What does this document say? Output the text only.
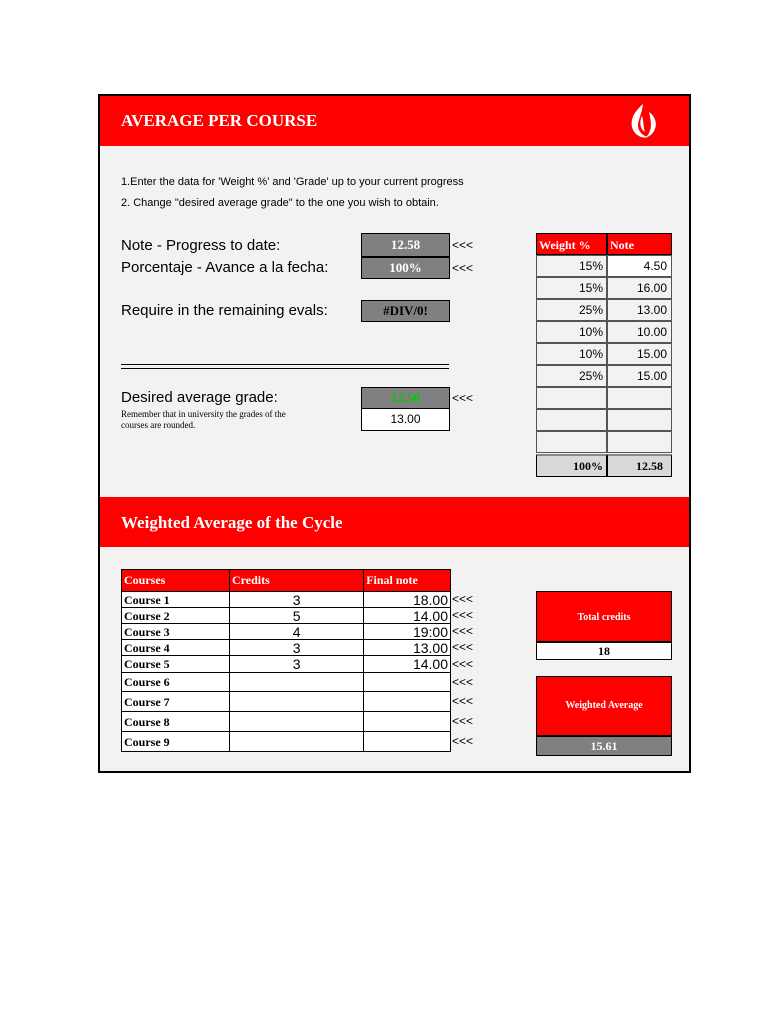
AVERAGE PER COURSE
1.Enter the data for 'Weight %' and 'Grade' up to your current progress
2. Change "desired average grade" to the one you wish to obtain.
Note - Progress to date:	12.58	<<<
Porcentaje - Avance a la fecha:	100%	<<<
Require in the remaining evals:	#DIV/0!
Desired average grade:	12.50	<<<
Remember that in university the grades of the
courses are rounded.	13.00
Weight %	Note
15%	4.50
15%	16.00
25%	13.00
10%	10.00
10%	15.00
25%	15.00
100%	12.58
Weighted Average of the Cycle
Courses	Credits	Final note
Course 1	3	18.00
Course 2	5	14.00
Course 3	4	19:00
Course 4	3	13.00
Course 5	3	14.00
Course 6		
Course 7		
Course 8		
Course 9		
<<<
<<<
<<<
<<<
<<<
<<<
<<<
<<<
<<<
Total credits
18
Weighted Average
15.61
